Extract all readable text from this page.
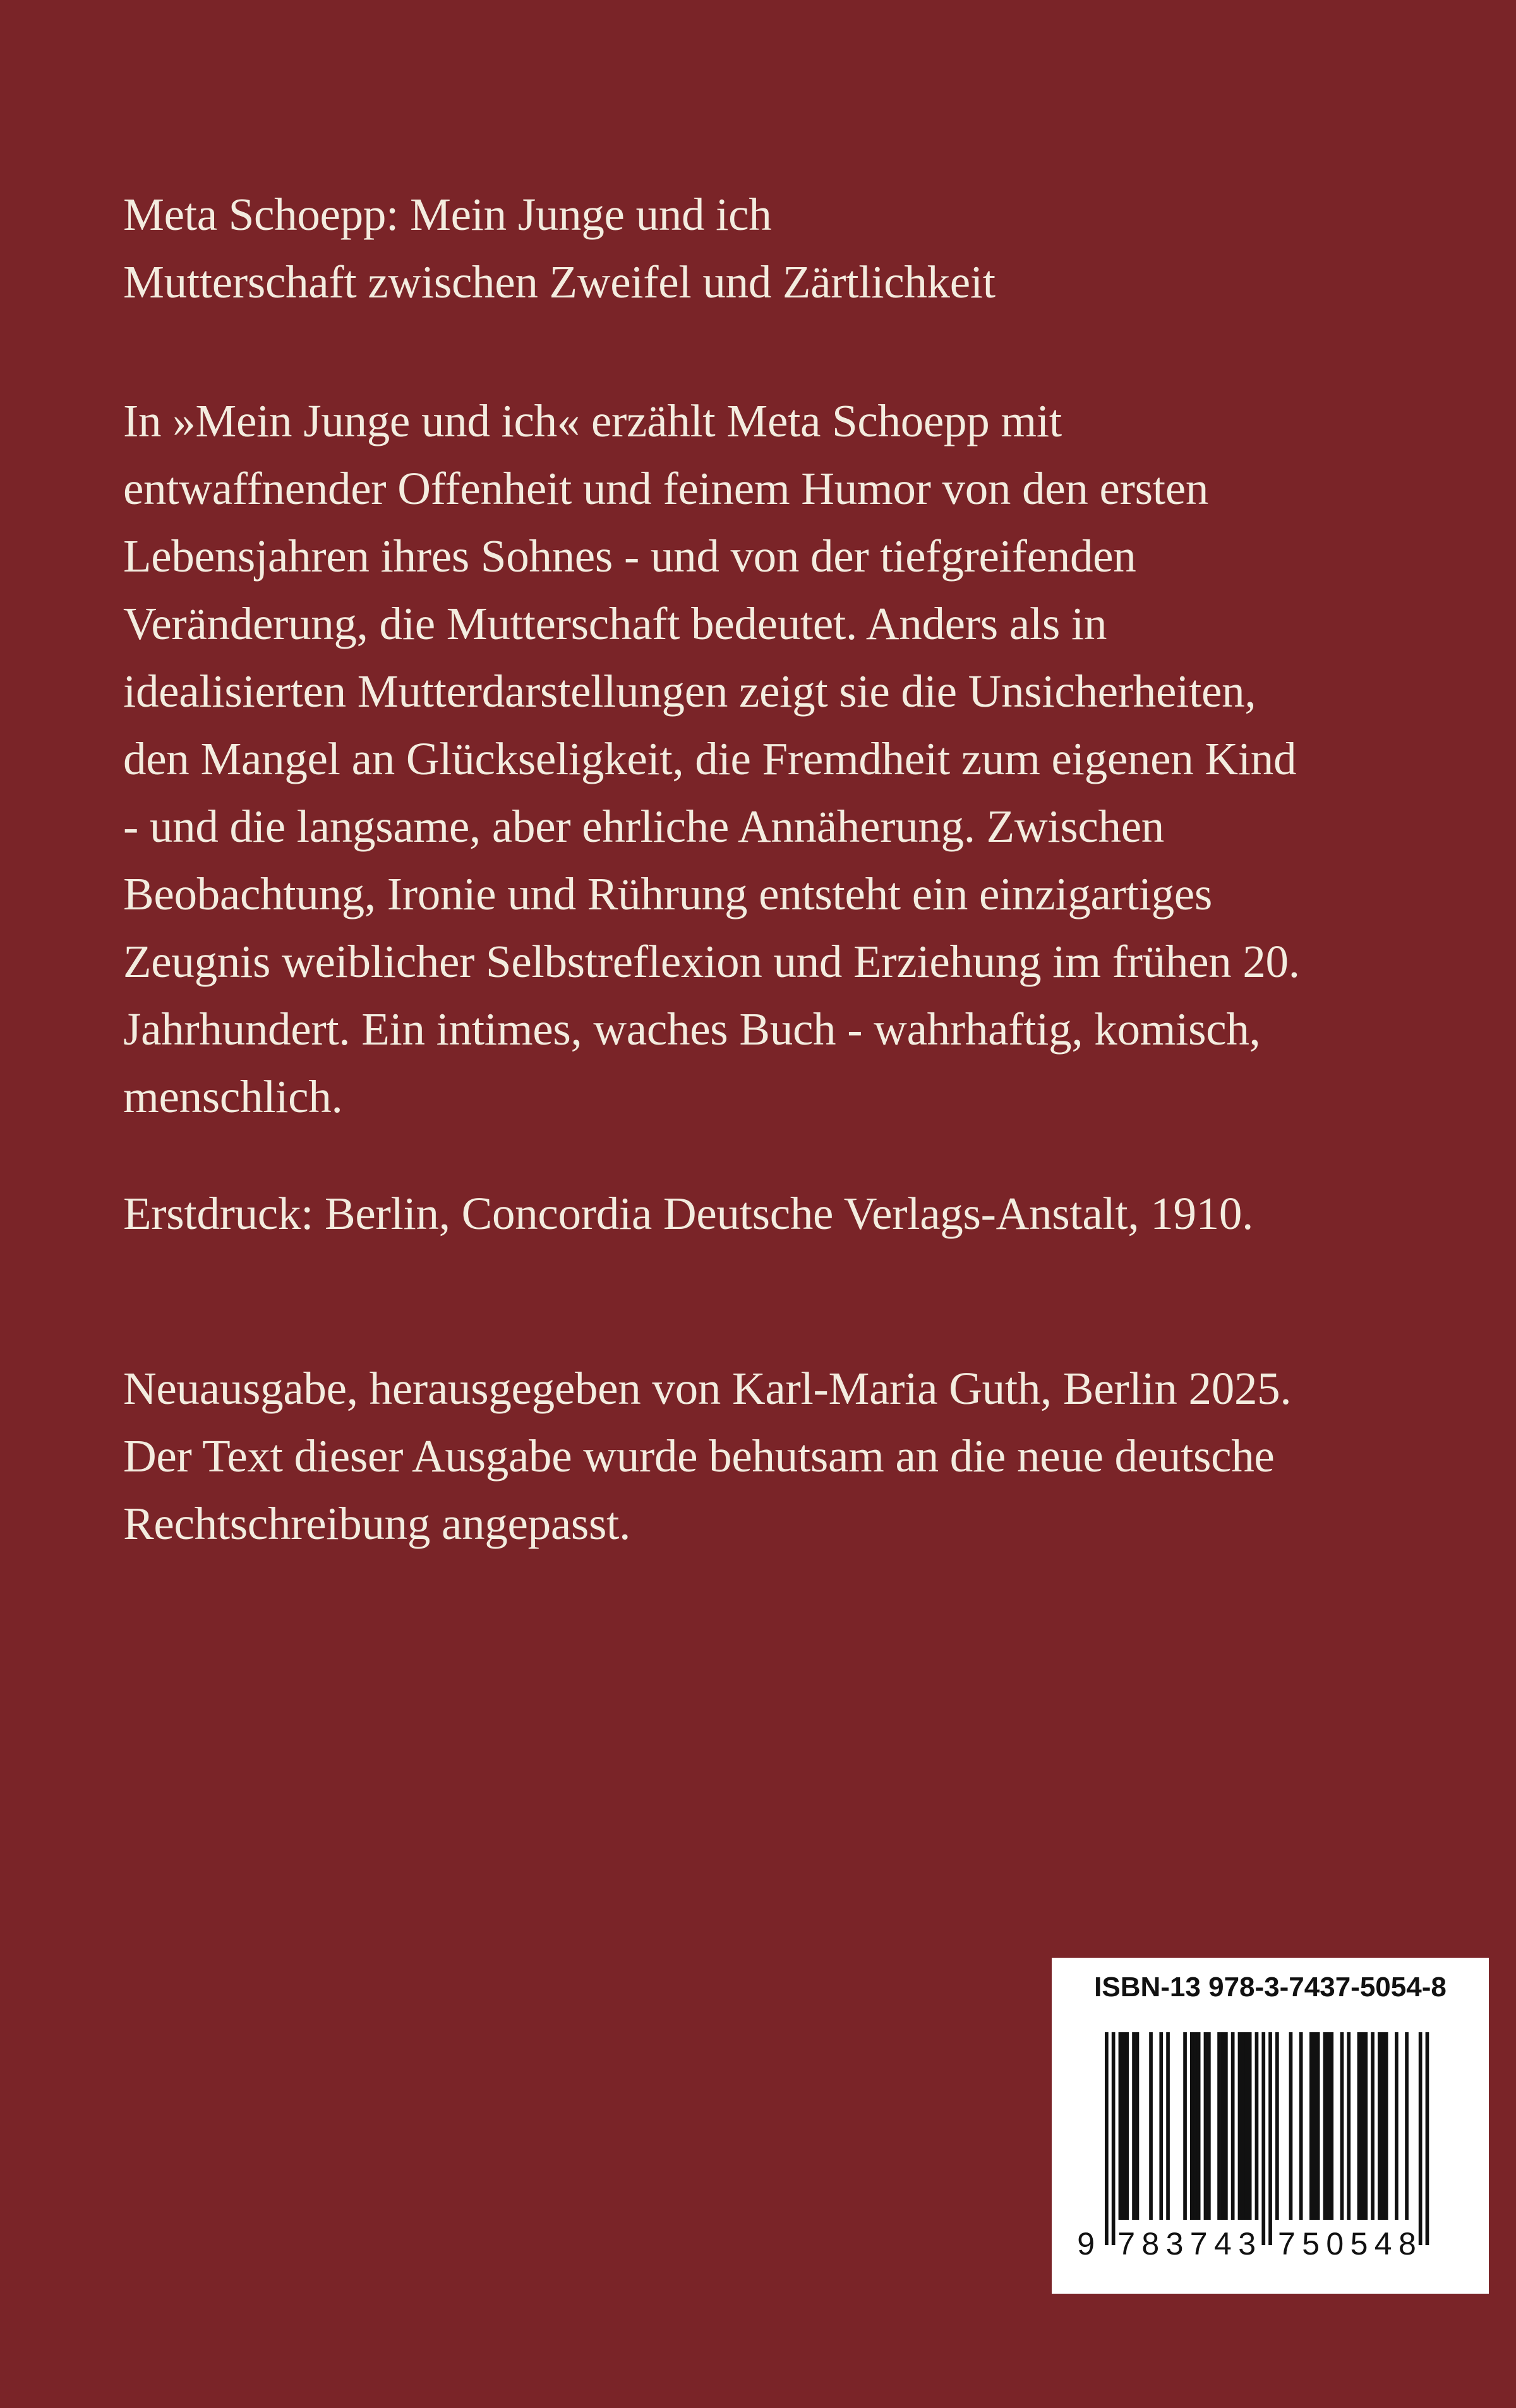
Meta Schoepp: Mein Junge und ich
Mutterschaft zwischen Zweifel und Zärtlichkeit
In »Mein Junge und ich« erzählt Meta Schoepp mit
entwaffnender Offenheit und feinem Humor von den ersten
Lebensjahren ihres Sohnes - und von der tiefgreifenden
Veränderung, die Mutterschaft bedeutet. Anders als in
idealisierten Mutterdarstellungen zeigt sie die Unsicherheiten,
den Mangel an Glückseligkeit, die Fremdheit zum eigenen Kind
- und die langsame, aber ehrliche Annäherung. Zwischen
Beobachtung, Ironie und Rührung entsteht ein einzigartiges
Zeugnis weiblicher Selbstreflexion und Erziehung im frühen 20.
Jahrhundert. Ein intimes, waches Buch - wahrhaftig, komisch,
menschlich.
Erstdruck: Berlin, Concordia Deutsche Verlags-Anstalt, 1910.
Neuausgabe, herausgegeben von Karl-Maria Guth, Berlin 2025.
Der Text dieser Ausgabe wurde behutsam an die neue deutsche
Rechtschreibung angepasst.
ISBN-13 978-3-7437-5054-8
9 783743 750548
